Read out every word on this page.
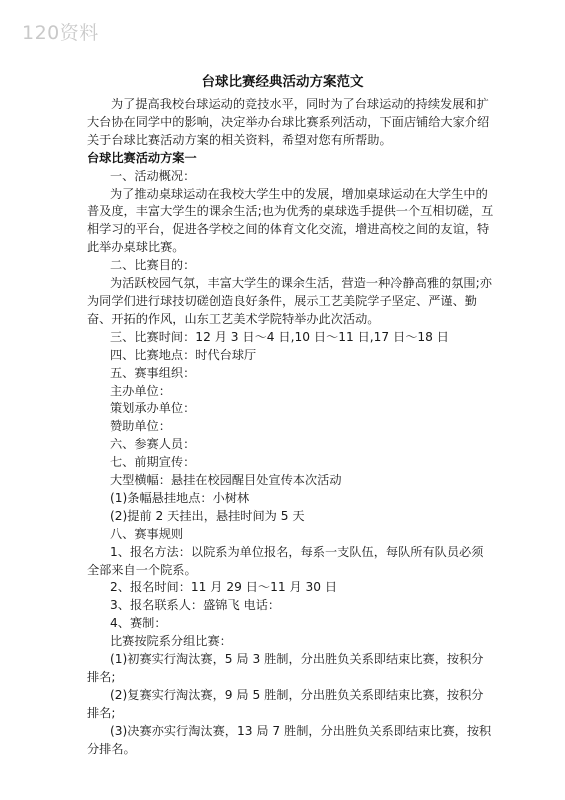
120资料
台球比赛经典活动方案范文

为了提高我校台球运动的竞技水平，同时为了台球运动的持续发展和扩大台协在同学中的影响，决定举办台球比赛系列活动，下面店铺给大家介绍关于台球比赛活动方案的相关资料，希望对您有所帮助。

台球比赛活动方案一

一、活动概况：

为了推动桌球运动在我校大学生中的发展，增加桌球运动在大学生中的普及度，丰富大学生的课余生活;也为优秀的桌球选手提供一个互相切磋，互相学习的平台，促进各学校之间的体育文化交流，增进高校之间的友谊，特此举办桌球比赛。

二、比赛目的：

为活跃校园气氛，丰富大学生的课余生活，营造一种冷静高雅的氛围;亦为同学们进行球技切磋创造良好条件，展示工艺美院学子坚定、严谨、勤奋、开拓的作风，山东工艺美术学院特举办此次活动。

三、比赛时间：12 月 3 日～4 日,10 日～11 日,17 日～18 日

四、比赛地点：时代台球厅

五、赛事组织：

主办单位：

策划承办单位：

赞助单位：

六、参赛人员：

七、前期宣传：

大型横幅：悬挂在校园醒目处宣传本次活动

(1)条幅悬挂地点：小树林

(2)提前 2 天挂出，悬挂时间为 5 天

八、赛事规则

1、报名方法：以院系为单位报名，每系一支队伍，每队所有队员必须全部来自一个院系。

2、报名时间：11 月 29 日～11 月 30 日

3、报名联系人：盛锦飞 电话：

4、赛制：

比赛按院系分组比赛：

(1)初赛实行淘汰赛，5 局 3 胜制，分出胜负关系即结束比赛，按积分排名;

(2)复赛实行淘汰赛，9 局 5 胜制，分出胜负关系即结束比赛，按积分排名;

(3)决赛亦实行淘汰赛，13 局 7 胜制，分出胜负关系即结束比赛，按积分排名。
